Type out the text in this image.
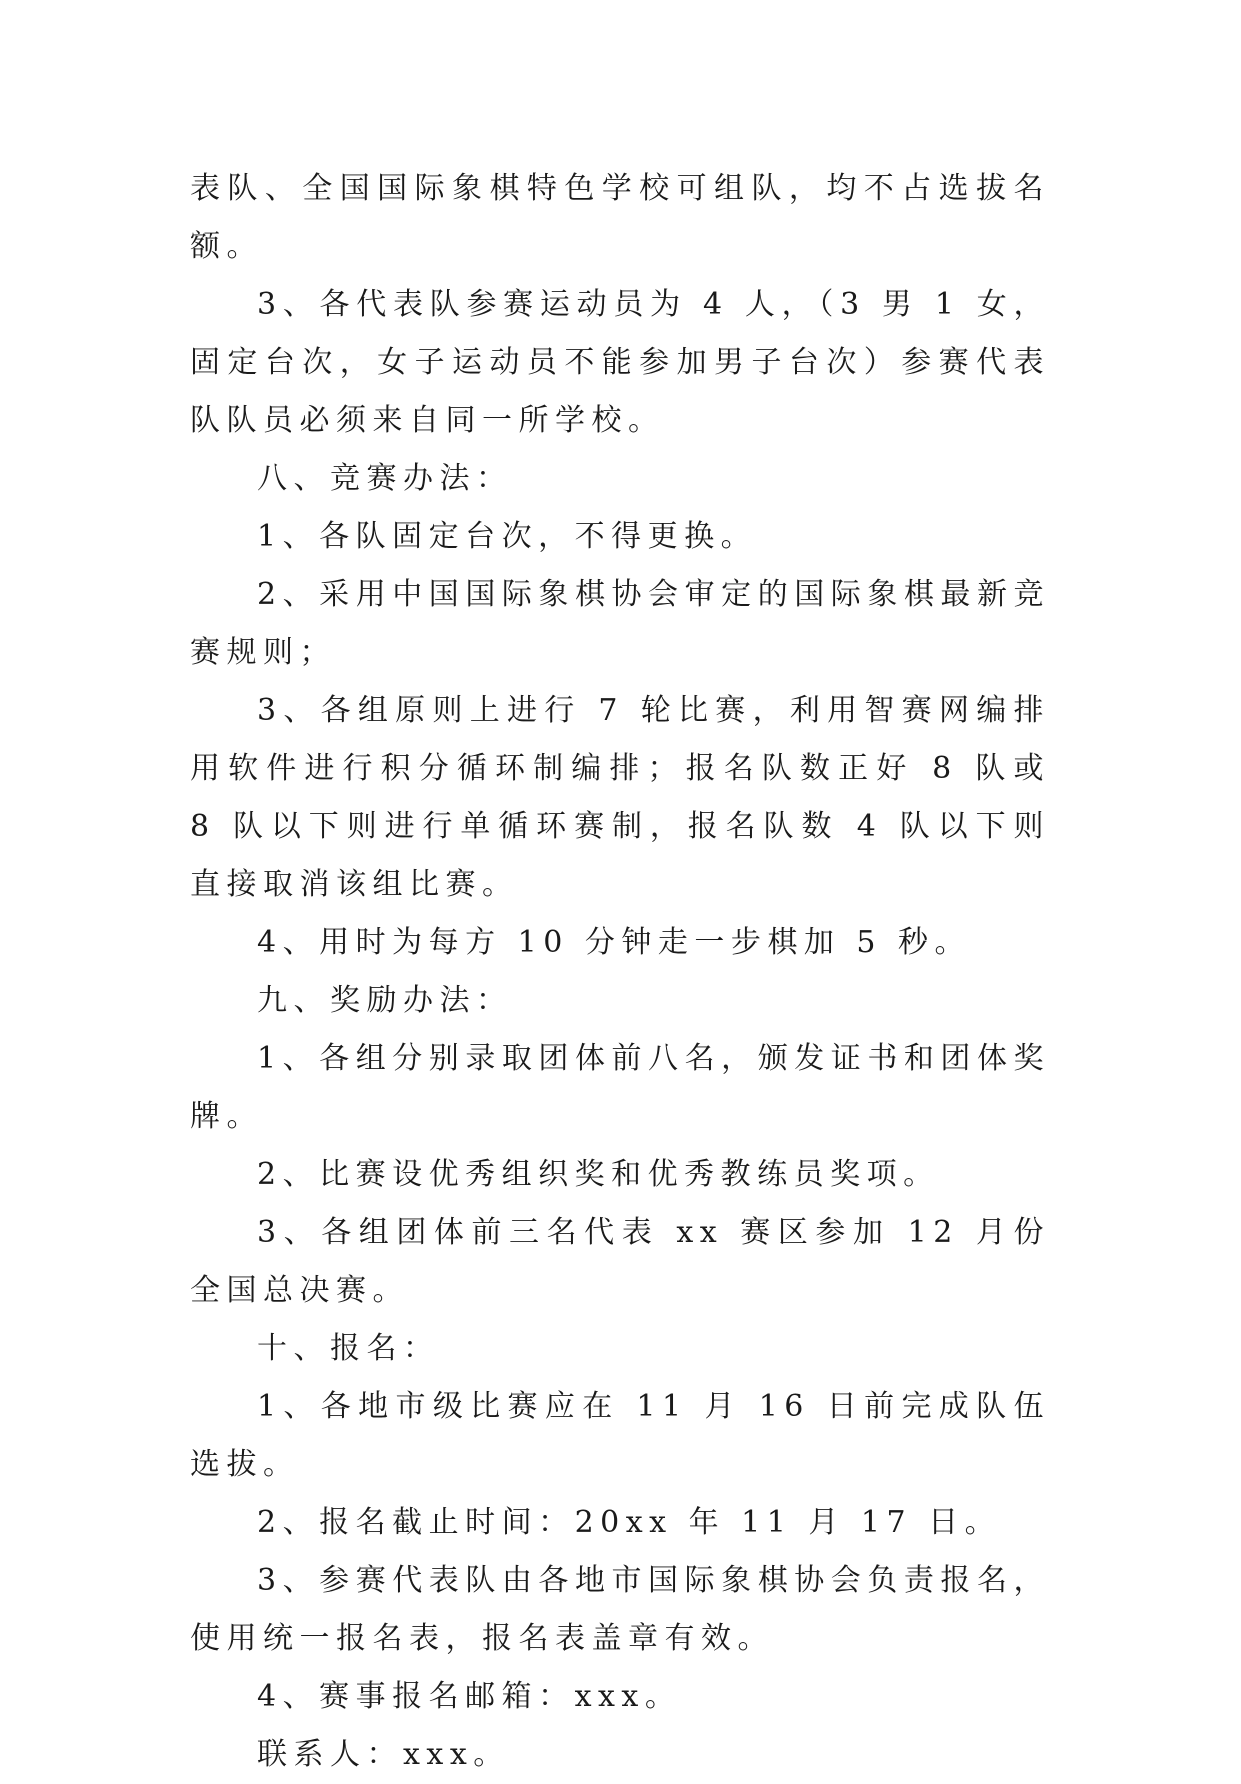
表队、全国国际象棋特色学校可组队，均不占选拔名额。

3、各代表队参赛运动员为 4 人，（3 男 1 女，固定台次，女子运动员不能参加男子台次）参赛代表队队员必须来自同一所学校。

八、竞赛办法：

1、各队固定台次，不得更换。

2、采用中国国际象棋协会审定的国际象棋最新竞赛规则；

3、各组原则上进行 7 轮比赛，利用智赛网编排用软件进行积分循环制编排；报名队数正好 8 队或 8 队以下则进行单循环赛制，报名队数 4 队以下则直接取消该组比赛。

4、用时为每方 10 分钟走一步棋加 5 秒。

九、奖励办法：

1、各组分别录取团体前八名，颁发证书和团体奖牌。

2、比赛设优秀组织奖和优秀教练员奖项。

3、各组团体前三名代表 xx 赛区参加 12 月份全国总决赛。

十、报名：

1、各地市级比赛应在 11 月 16 日前完成队伍选拔。

2、报名截止时间：20xx 年 11 月 17 日。

3、参赛代表队由各地市国际象棋协会负责报名，使用统一报名表，报名表盖章有效。

4、赛事报名邮箱：xxx。

联系人：xxx。
